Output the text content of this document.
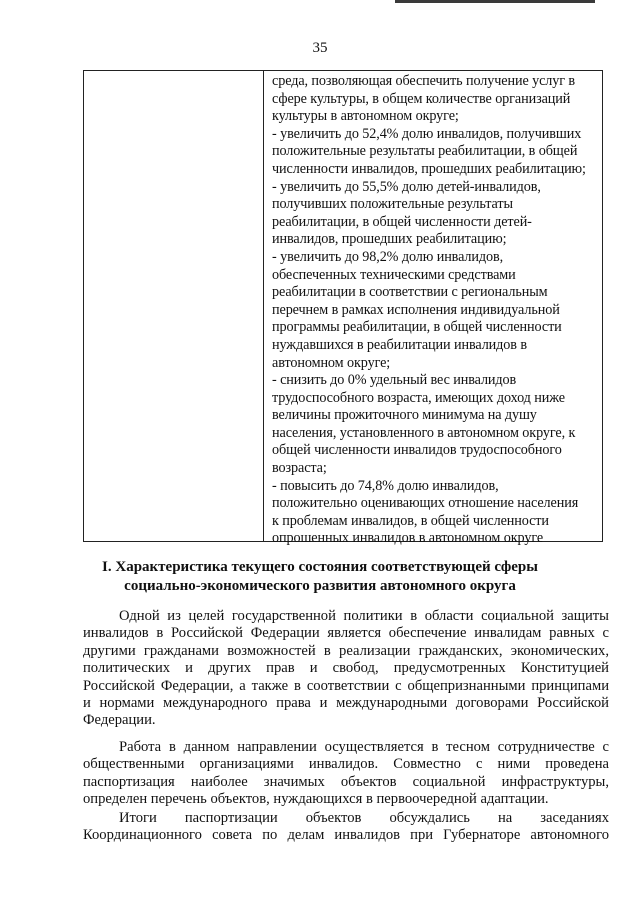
35
среда, позволяющая обеспечить получение услуг в
сфере культуры, в общем количестве организаций
культуры в автономном округе;
- увеличить до 52,4% долю инвалидов, получивших
положительные результаты реабилитации, в общей
численности инвалидов, прошедших реабилитацию;
- увеличить до 55,5% долю детей-инвалидов,
получивших положительные результаты
реабилитации, в общей численности детей-
инвалидов, прошедших реабилитацию;
- увеличить до 98,2% долю инвалидов,
обеспеченных техническими средствами
реабилитации в соответствии с региональным
перечнем в рамках исполнения индивидуальной
программы реабилитации, в общей численности
нуждавшихся в реабилитации инвалидов в
автономном округе;
- снизить до 0% удельный вес инвалидов
трудоспособного возраста, имеющих доход ниже
величины прожиточного минимума на душу
населения, установленного в автономном округе, к
общей численности инвалидов трудоспособного
возраста;
- повысить до 74,8% долю инвалидов,
положительно оценивающих отношение населения
к проблемам инвалидов, в общей численности
опрошенных инвалидов в автономном округе
I. Характеристика текущего состояния соответствующей сферы
социально-экономического развития автономного округа
Одной из целей государственной политики в области социальной защиты
инвалидов в Российской Федерации является обеспечение инвалидам равных с
другими гражданами возможностей в реализации гражданских, экономических,
политических и других прав и свобод, предусмотренных Конституцией
Российской Федерации, а также в соответствии с общепризнанными принципами
и нормами международного права и международными договорами Российской
Федерации.
Работа в данном направлении осуществляется в тесном сотрудничестве с
общественными организациями инвалидов. Совместно с ними проведена
паспортизация наиболее значимых объектов социальной инфраструктуры,
определен перечень объектов, нуждающихся в первоочередной адаптации.
Итоги паспортизации объектов обсуждались на заседаниях
Координационного совета по делам инвалидов при Губернаторе автономного
